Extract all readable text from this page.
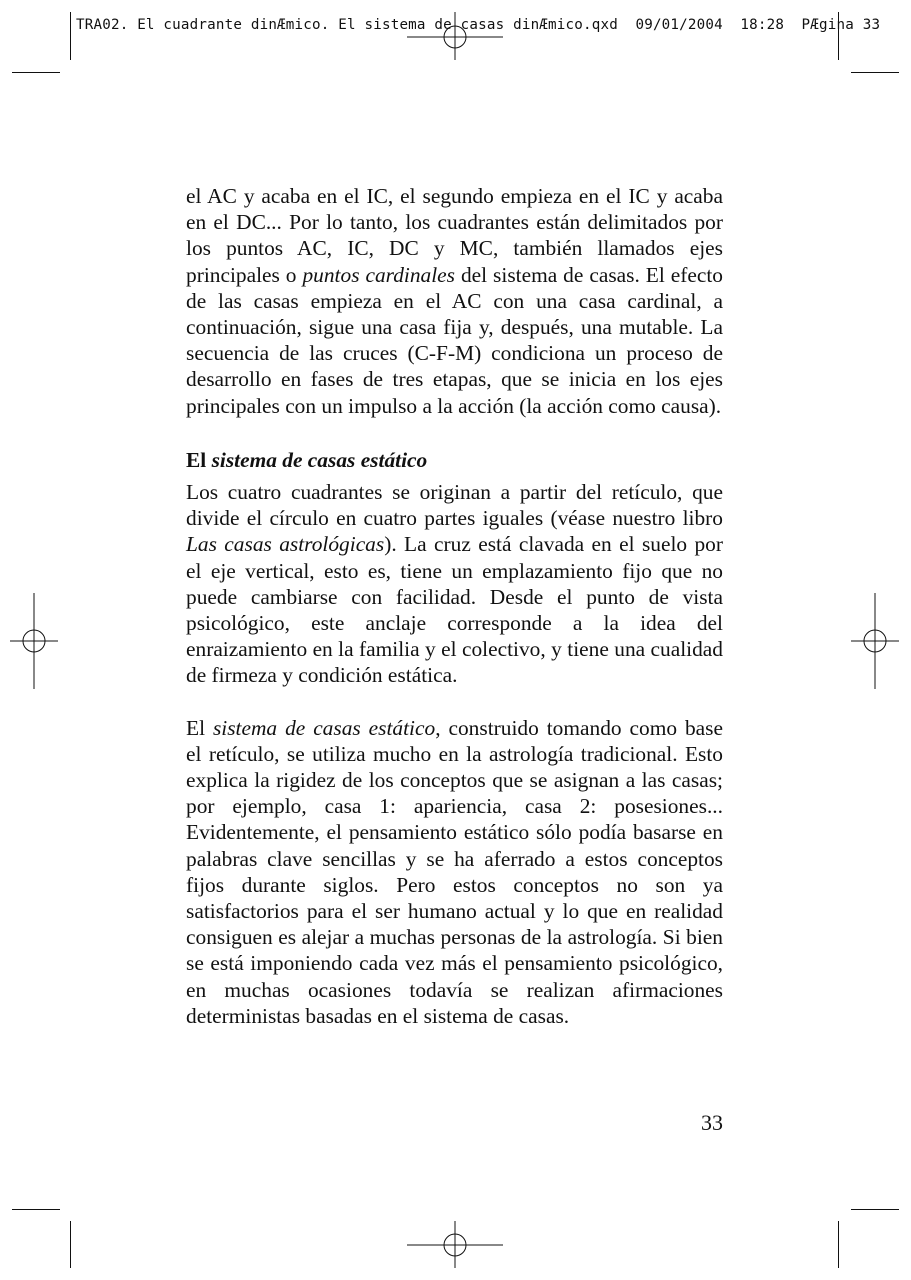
TRA02. El cuadrante dinÆmico. El sistema de casas dinÆmico.qxd  09/01/2004  18:28  PÆgina 33

el AC y acaba en el IC, el segundo empieza en el IC y acaba en el DC... Por lo tanto, los cuadrantes están delimitados por los puntos AC, IC, DC y MC, también llamados ejes principales o puntos cardinales del sistema de casas. El efecto de las casas empieza en el AC con una casa cardinal, a continuación, sigue una casa fija y, después, una mutable. La secuencia de las cruces (C-F-M) condiciona un proceso de desarrollo en fases de tres etapas, que se inicia en los ejes principales con un impulso a la acción (la acción como causa).

El sistema de casas estático

Los cuatro cuadrantes se originan a partir del retículo, que divide el círculo en cuatro partes iguales (véase nuestro libro Las casas astrológicas). La cruz está clavada en el suelo por el eje vertical, esto es, tiene un emplazamiento fijo que no puede cambiarse con facilidad. Desde el punto de vista psicológico, este anclaje corresponde a la idea del enraizamiento en la familia y el colectivo, y tiene una cualidad de firmeza y condición estática.

El sistema de casas estático, construido tomando como base el retículo, se utiliza mucho en la astrología tradicional. Esto explica la rigidez de los conceptos que se asignan a las casas; por ejemplo, casa 1: apariencia, casa 2: posesiones... Evidentemente, el pensamiento estático sólo podía basarse en palabras clave sencillas y se ha aferrado a estos conceptos fijos durante siglos. Pero estos conceptos no son ya satisfactorios para el ser humano actual y lo que en realidad consiguen es alejar a muchas personas de la astrología. Si bien se está imponiendo cada vez más el pensamiento psicológico, en muchas ocasiones todavía se realizan afirmaciones deterministas basadas en el sistema de casas.

33
